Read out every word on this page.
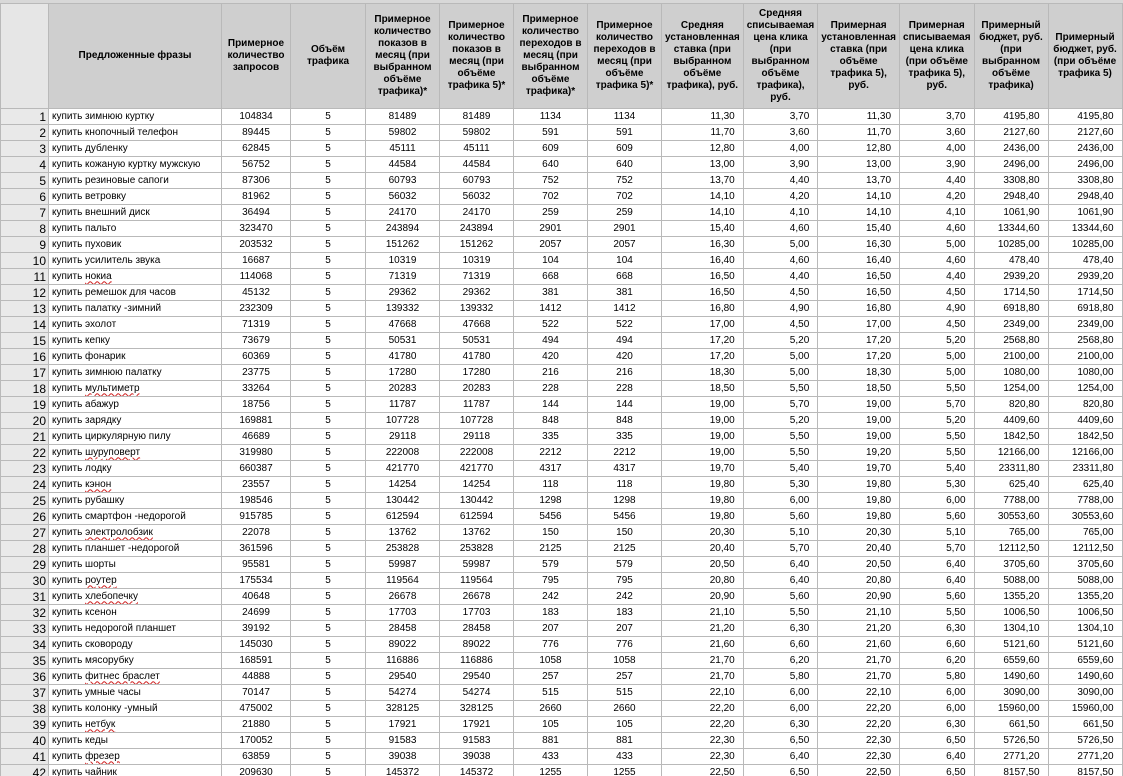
	Предложенные фразы	Примерное количество запросов	Объём трафика	Примерное количество показов в месяц (при выбранном объёме трафика)*	Примерное количество показов в месяц (при объёме трафика 5)*	Примерное количество переходов в месяц (при выбранном объёме трафика)*	Примерное количество переходов в месяц (при объёме трафика 5)*	Средняя установленная ставка (при выбранном объёме трафика), руб.	Средняя списываемая цена клика (при выбранном объёме трафика), руб.	Примерная установленная ставка (при объёме трафика 5), руб.	Примерная списываемая цена клика (при объёме трафика 5), руб.	Примерный бюджет, руб. (при выбранном объёме трафика)	Примерный бюджет, руб. (при объёме трафика 5)
1	купить зимнюю куртку	104834	5	81489	81489	1134	1134	11,30	3,70	11,30	3,70	4195,80	4195,80
2	купить кнопочный телефон	89445	5	59802	59802	591	591	11,70	3,60	11,70	3,60	2127,60	2127,60
3	купить дубленку	62845	5	45111	45111	609	609	12,80	4,00	12,80	4,00	2436,00	2436,00
4	купить кожаную куртку мужскую	56752	5	44584	44584	640	640	13,00	3,90	13,00	3,90	2496,00	2496,00
5	купить резиновые сапоги	87306	5	60793	60793	752	752	13,70	4,40	13,70	4,40	3308,80	3308,80
6	купить ветровку	81962	5	56032	56032	702	702	14,10	4,20	14,10	4,20	2948,40	2948,40
7	купить внешний диск	36494	5	24170	24170	259	259	14,10	4,10	14,10	4,10	1061,90	1061,90
8	купить пальто	323470	5	243894	243894	2901	2901	15,40	4,60	15,40	4,60	13344,60	13344,60
9	купить пуховик	203532	5	151262	151262	2057	2057	16,30	5,00	16,30	5,00	10285,00	10285,00
10	купить усилитель звука	16687	5	10319	10319	104	104	16,40	4,60	16,40	4,60	478,40	478,40
11	купить нокиа	114068	5	71319	71319	668	668	16,50	4,40	16,50	4,40	2939,20	2939,20
12	купить ремешок для часов	45132	5	29362	29362	381	381	16,50	4,50	16,50	4,50	1714,50	1714,50
13	купить палатку -зимний	232309	5	139332	139332	1412	1412	16,80	4,90	16,80	4,90	6918,80	6918,80
14	купить эхолот	71319	5	47668	47668	522	522	17,00	4,50	17,00	4,50	2349,00	2349,00
15	купить кепку	73679	5	50531	50531	494	494	17,20	5,20	17,20	5,20	2568,80	2568,80
16	купить фонарик	60369	5	41780	41780	420	420	17,20	5,00	17,20	5,00	2100,00	2100,00
17	купить зимнюю палатку	23775	5	17280	17280	216	216	18,30	5,00	18,30	5,00	1080,00	1080,00
18	купить мультиметр	33264	5	20283	20283	228	228	18,50	5,50	18,50	5,50	1254,00	1254,00
19	купить абажур	18756	5	11787	11787	144	144	19,00	5,70	19,00	5,70	820,80	820,80
20	купить зарядку	169881	5	107728	107728	848	848	19,00	5,20	19,00	5,20	4409,60	4409,60
21	купить циркулярную пилу	46689	5	29118	29118	335	335	19,00	5,50	19,00	5,50	1842,50	1842,50
22	купить шуруповерт	319980	5	222008	222008	2212	2212	19,00	5,50	19,20	5,50	12166,00	12166,00
23	купить лодку	660387	5	421770	421770	4317	4317	19,70	5,40	19,70	5,40	23311,80	23311,80
24	купить кэнон	23557	5	14254	14254	118	118	19,80	5,30	19,80	5,30	625,40	625,40
25	купить рубашку	198546	5	130442	130442	1298	1298	19,80	6,00	19,80	6,00	7788,00	7788,00
26	купить смартфон -недорогой	915785	5	612594	612594	5456	5456	19,80	5,60	19,80	5,60	30553,60	30553,60
27	купить электролобзик	22078	5	13762	13762	150	150	20,30	5,10	20,30	5,10	765,00	765,00
28	купить планшет -недорогой	361596	5	253828	253828	2125	2125	20,40	5,70	20,40	5,70	12112,50	12112,50
29	купить шорты	95581	5	59987	59987	579	579	20,50	6,40	20,50	6,40	3705,60	3705,60
30	купить роутер	175534	5	119564	119564	795	795	20,80	6,40	20,80	6,40	5088,00	5088,00
31	купить хлебопечку	40648	5	26678	26678	242	242	20,90	5,60	20,90	5,60	1355,20	1355,20
32	купить ксенон	24699	5	17703	17703	183	183	21,10	5,50	21,10	5,50	1006,50	1006,50
33	купить недорогой планшет	39192	5	28458	28458	207	207	21,20	6,30	21,20	6,30	1304,10	1304,10
34	купить сковороду	145030	5	89022	89022	776	776	21,60	6,60	21,60	6,60	5121,60	5121,60
35	купить мясорубку	168591	5	116886	116886	1058	1058	21,70	6,20	21,70	6,20	6559,60	6559,60
36	купить фитнес браслет	44888	5	29540	29540	257	257	21,70	5,80	21,70	5,80	1490,60	1490,60
37	купить умные часы	70147	5	54274	54274	515	515	22,10	6,00	22,10	6,00	3090,00	3090,00
38	купить колонку -умный	475002	5	328125	328125	2660	2660	22,20	6,00	22,20	6,00	15960,00	15960,00
39	купить нетбук	21880	5	17921	17921	105	105	22,20	6,30	22,20	6,30	661,50	661,50
40	купить кеды	170052	5	91583	91583	881	881	22,30	6,50	22,30	6,50	5726,50	5726,50
41	купить фрезер	63859	5	39038	39038	433	433	22,30	6,40	22,30	6,40	2771,20	2771,20
42	купить чайник	209630	5	145372	145372	1255	1255	22,50	6,50	22,50	6,50	8157,50	8157,50
